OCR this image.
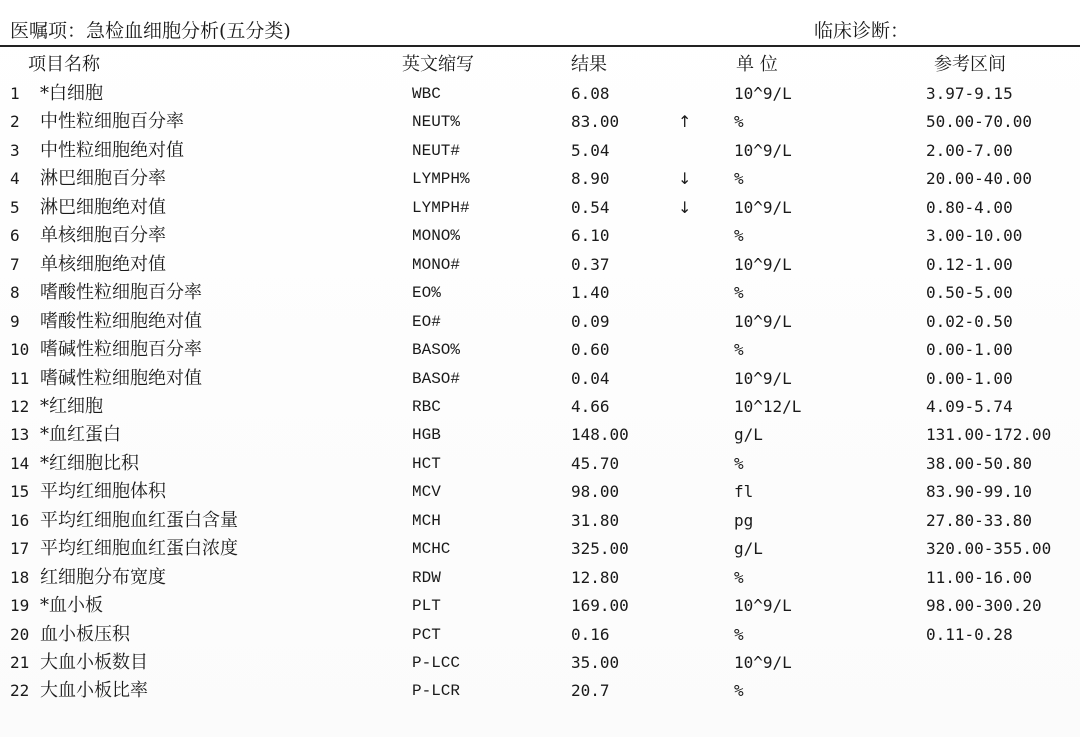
医嘱项：急检血细胞分析(五分类)	临床诊断：
项目名称	英文缩写	结果	单 位	参考区间
1	*白细胞	WBC	6.08	10^9/L	3.97-9.15
2	中性粒细胞百分率	NEUT%	83.00	↑	%	50.00-70.00
3	中性粒细胞绝对值	NEUT#	5.04	10^9/L	2.00-7.00
4	淋巴细胞百分率	LYMPH%	8.90	↓	%	20.00-40.00
5	淋巴细胞绝对值	LYMPH#	0.54	↓	10^9/L	0.80-4.00
6	单核细胞百分率	MONO%	6.10	%	3.00-10.00
7	单核细胞绝对值	MONO#	0.37	10^9/L	0.12-1.00
8	嗜酸性粒细胞百分率	EO%	1.40	%	0.50-5.00
9	嗜酸性粒细胞绝对值	EO#	0.09	10^9/L	0.02-0.50
10 嗜碱性粒细胞百分率	BASO%	0.60	%	0.00-1.00
11 嗜碱性粒细胞绝对值	BASO#	0.04	10^9/L	0.00-1.00
12 *红细胞	RBC	4.66	10^12/L	4.09-5.74
13 *血红蛋白	HGB	148.00	g/L	131.00-172.00
14 *红细胞比积	HCT	45.70	%	38.00-50.80
15 平均红细胞体积	MCV	98.00	fl	83.90-99.10
16 平均红细胞血红蛋白含量	MCH	31.80	pg	27.80-33.80
17 平均红细胞血红蛋白浓度	MCHC	325.00	g/L	320.00-355.00
18 红细胞分布宽度	RDW	12.80	%	11.00-16.00
19 *血小板	PLT	169.00	10^9/L	98.00-300.20
20 血小板压积	PCT	0.16	%	0.11-0.28
21 大血小板数目	P-LCC	35.00	10^9/L
22 大血小板比率	P-LCR	20.7	%
